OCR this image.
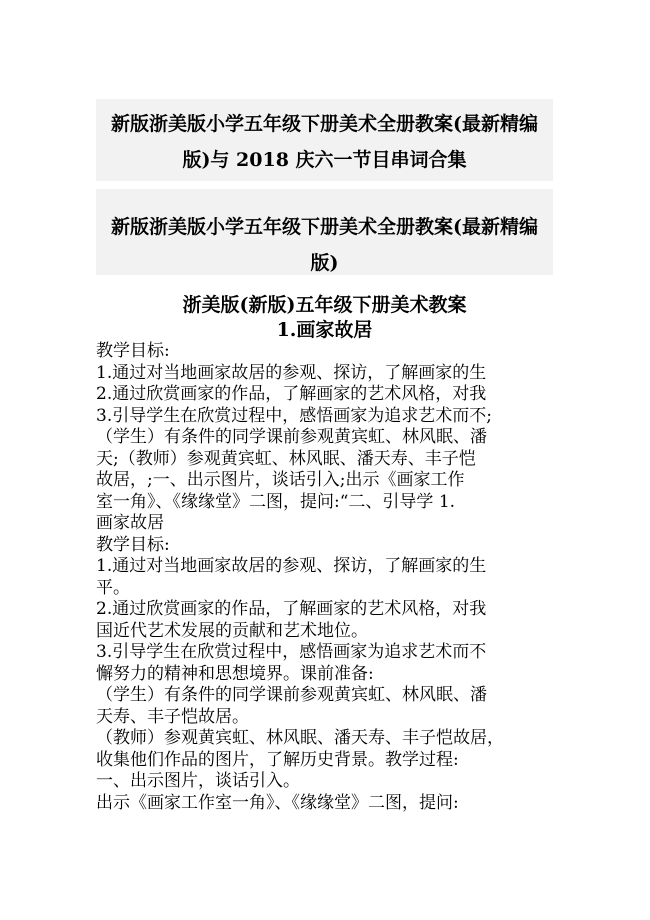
新版浙美版小学五年级下册美术全册教案(最新精编

版)与 2018 庆六一节目串词合集

新版浙美版小学五年级下册美术全册教案(最新精编

版)

浙美版(新版)五年级下册美术教案
1.画家故居
教学目标:
1.通过对当地画家故居的参观、探访，了解画家的生
2.通过欣赏画家的作品，了解画家的艺术风格，对我
3.引导学生在欣赏过程中，感悟画家为追求艺术而不;
（学生）有条件的同学课前参观黄宾虹、林风眠、潘
天;（教师）参观黄宾虹、林风眠、潘天寿、丰子恺
故居，;一、出示图片，谈话引入;出示《画家工作
室一角》、《缘缘堂》二图，提问:“二、引导学 1.
画家故居
教学目标:
1.通过对当地画家故居的参观、探访，了解画家的生
平。
2.通过欣赏画家的作品，了解画家的艺术风格，对我
国近代艺术发展的贡献和艺术地位。
3.引导学生在欣赏过程中，感悟画家为追求艺术而不
懈努力的精神和思想境界。课前准备:
（学生）有条件的同学课前参观黄宾虹、林风眠、潘
天寿、丰子恺故居。
（教师）参观黄宾虹、林风眠、潘天寿、丰子恺故居，
收集他们作品的图片，了解历史背景。教学过程:
一、出示图片，谈话引入。
出示《画家工作室一角》、《缘缘堂》二图，提问:
